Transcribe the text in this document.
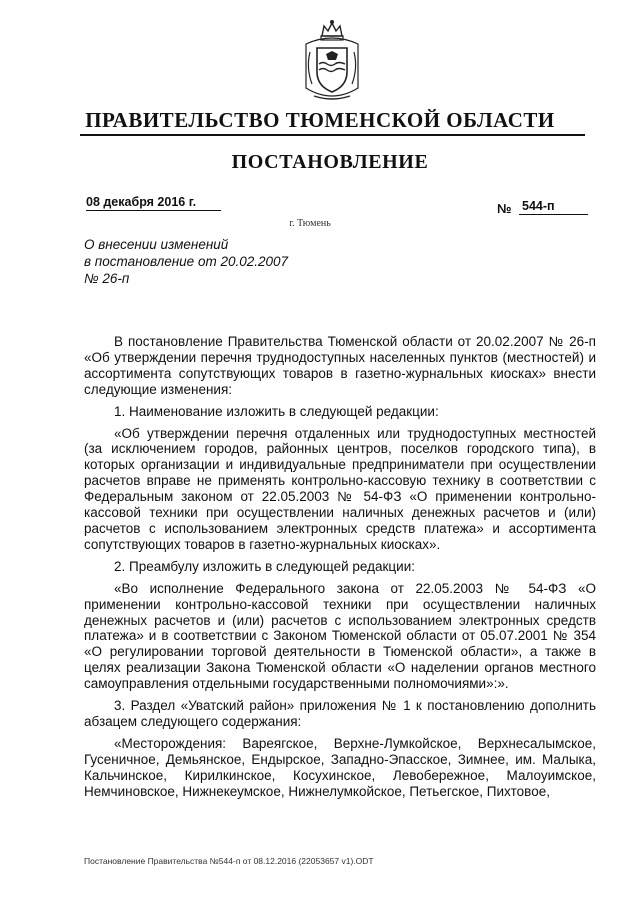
ПРАВИТЕЛЬСТВО ТЮМЕНСКОЙ ОБЛАСТИ
ПОСТАНОВЛЕНИЕ
08 декабря 2016 г.	№ 544-п
г. Тюмень
О внесении изменений
в постановление от 20.02.2007
№ 26-п

В постановление Правительства Тюменской области от 20.02.2007 № 26-п «Об утверждении перечня труднодоступных населенных пунктов (местностей) и ассортимента сопутствующих товаров в газетно-журнальных киосках» внести следующие изменения:

1. Наименование изложить в следующей редакции:

«Об утверждении перечня отдаленных или труднодоступных местностей (за исключением городов, районных центров, поселков городского типа), в которых организации и индивидуальные предприниматели при осуществлении расчетов вправе не применять контрольно-кассовую технику в соответствии с Федеральным законом от 22.05.2003 № 54-ФЗ «О применении контрольно-кассовой техники при осуществлении наличных денежных расчетов и (или) расчетов с использованием электронных средств платежа» и ассортимента сопутствующих товаров в газетно-журнальных киосках».

2. Преамбулу изложить в следующей редакции:

«Во исполнение Федерального закона от 22.05.2003 № 54-ФЗ «О применении контрольно-кассовой техники при осуществлении наличных денежных расчетов и (или) расчетов с использованием электронных средств платежа» и в соответствии с Законом Тюменской области от 05.07.2001 № 354 «О регулировании торговой деятельности в Тюменской области», а также в целях реализации Закона Тюменской области «О наделении органов местного самоуправления отдельными государственными полномочиями»:».

3. Раздел «Уватский район» приложения № 1 к постановлению дополнить абзацем следующего содержания:

«Месторождения: Вареягское, Верхне-Лумкойское, Верхнесалымское, Гусеничное, Демьянское, Ендырское, Западно-Эпасское, Зимнее, им. Малыка, Кальчинское, Кирилкинское, Косухинское, Левобережное, Малоуимское, Немчиновское, Нижнекеумское, Нижнелумкойское, Петьегское, Пихтовое,

Постановление Правительства №544-п от 08.12.2016 (22053657 v1).ODT
